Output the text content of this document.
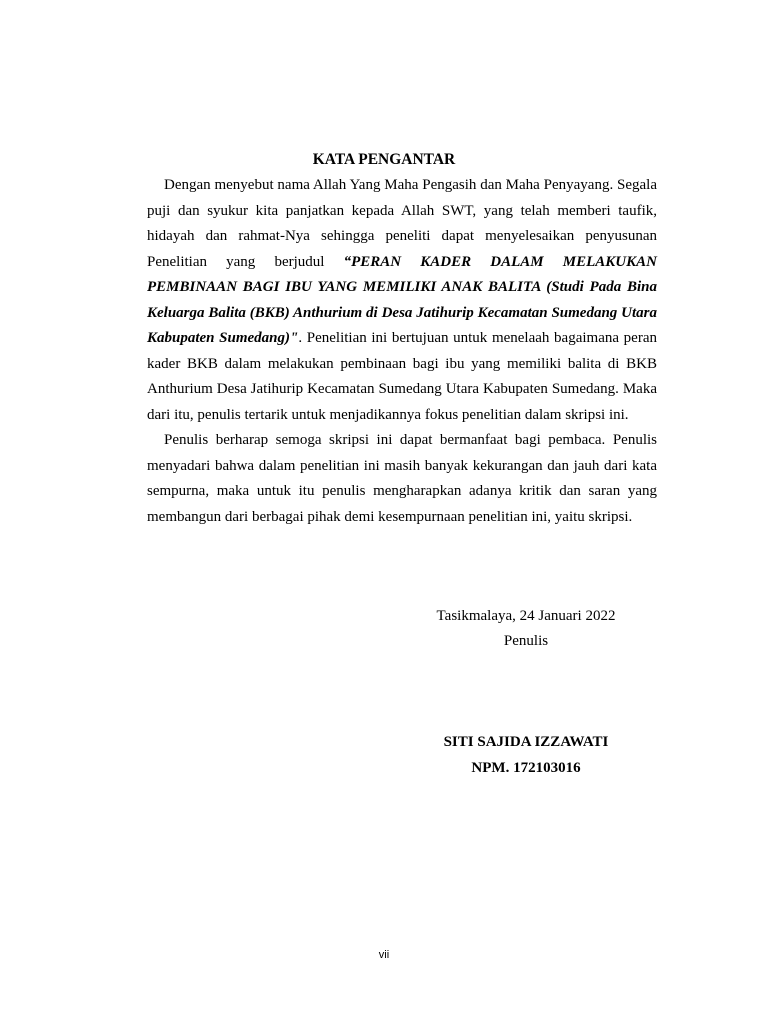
KATA PENGANTAR

Dengan menyebut nama Allah Yang Maha Pengasih dan Maha Penyayang. Segala puji dan syukur kita panjatkan kepada Allah SWT, yang telah memberi taufik, hidayah dan rahmat-Nya sehingga peneliti dapat menyelesaikan penyusunan Penelitian yang berjudul “PERAN KADER DALAM MELAKUKAN PEMBINAAN BAGI IBU YANG MEMILIKI ANAK BALITA (Studi Pada Bina Keluarga Balita (BKB) Anthurium di Desa Jatihurip Kecamatan Sumedang Utara Kabupaten Sumedang)". Penelitian ini bertujuan untuk menelaah bagaimana peran kader BKB dalam melakukan pembinaan bagi ibu yang memiliki balita di BKB Anthurium Desa Jatihurip Kecamatan Sumedang Utara Kabupaten Sumedang. Maka dari itu, penulis tertarik untuk menjadikannya fokus penelitian dalam skripsi ini.

Penulis berharap semoga skripsi ini dapat bermanfaat bagi pembaca. Penulis menyadari bahwa dalam penelitian ini masih banyak kekurangan dan jauh dari kata sempurna, maka untuk itu penulis mengharapkan adanya kritik dan saran yang membangun dari berbagai pihak demi kesempurnaan penelitian ini, yaitu skripsi.

Tasikmalaya, 24 Januari 2022
Penulis
SITI SAJIDA IZZAWATI
NPM. 172103016
vii
